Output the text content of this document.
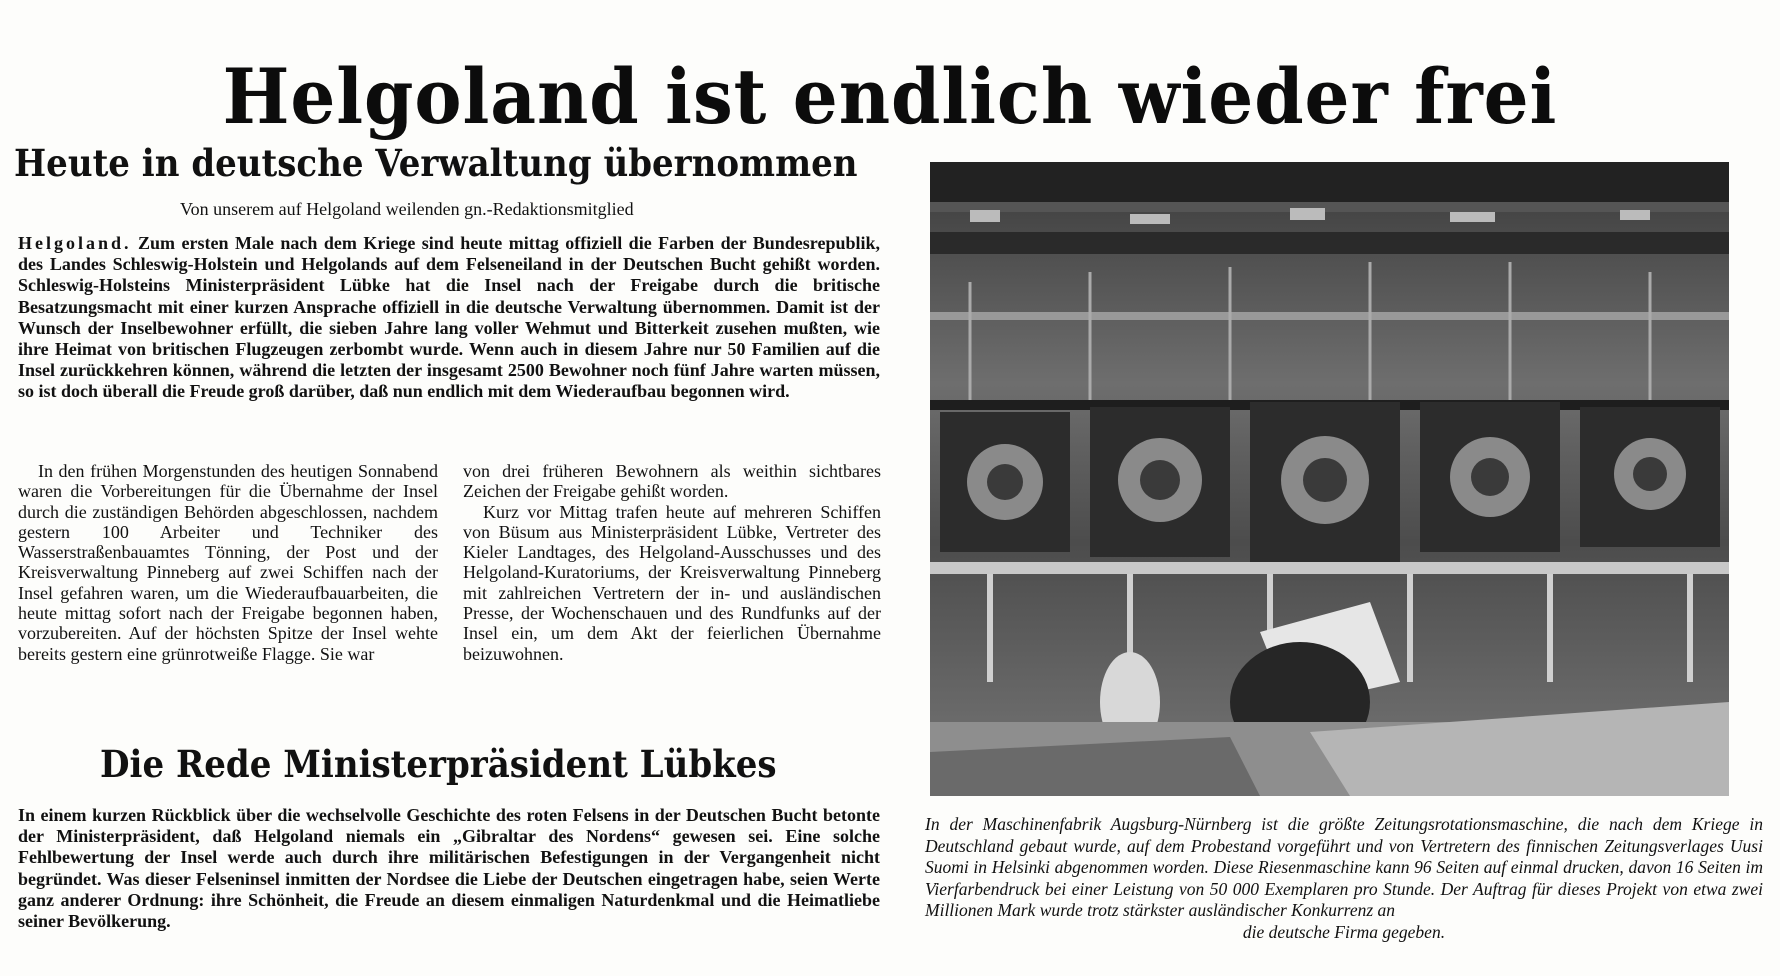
Helgoland ist endlich wieder frei
Heute in deutsche Verwaltung übernommen
Von unserem auf Helgoland weilenden gn.-Redaktionsmitglied
Helgoland. Zum ersten Male nach dem Kriege sind heute mittag offiziell die Farben der Bundesrepublik, des Landes Schleswig-Holstein und Helgolands auf dem Felseneiland in der Deutschen Bucht gehißt worden. Schleswig-Holsteins Ministerpräsident Lübke hat die Insel nach der Freigabe durch die britische Besatzungsmacht mit einer kurzen Ansprache offiziell in die deutsche Verwaltung übernommen. Damit ist der Wunsch der Inselbewohner erfüllt, die sieben Jahre lang voller Wehmut und Bitterkeit zusehen mußten, wie ihre Heimat von britischen Flugzeugen zerbombt wurde. Wenn auch in diesem Jahre nur 50 Familien auf die Insel zurückkehren können, während die letzten der insgesamt 2500 Bewohner noch fünf Jahre warten müssen, so ist doch überall die Freude groß darüber, daß nun endlich mit dem Wiederaufbau begonnen wird.

In den frühen Morgenstunden des heutigen Sonnabend waren die Vorbereitungen für die Übernahme der Insel durch die zuständigen Behörden abgeschlossen, nachdem gestern 100 Arbeiter und Techniker des Wasserstraßenbauamtes Tönning, der Post und der Kreisverwaltung Pinneberg auf zwei Schiffen nach der Insel gefahren waren, um die Wiederaufbauarbeiten, die heute mittag sofort nach der Freigabe begonnen haben, vorzubereiten. Auf der höchsten Spitze der Insel wehte bereits gestern eine grünrotweiße Flagge. Sie war

von drei früheren Bewohnern als weithin sichtbares Zeichen der Freigabe gehißt worden.

Kurz vor Mittag trafen heute auf mehreren Schiffen von Büsum aus Ministerpräsident Lübke, Vertreter des Kieler Landtages, des Helgoland-Ausschusses und des Helgoland-Kuratoriums, der Kreisverwaltung Pinneberg mit zahlreichen Vertretern der in- und ausländischen Presse, der Wochenschauen und des Rundfunks auf der Insel ein, um dem Akt der feierlichen Übernahme beizuwohnen.

Die Rede Ministerpräsident Lübkes
In einem kurzen Rückblick über die wechselvolle Geschichte des roten Felsens in der Deutschen Bucht betonte der Ministerpräsident, daß Helgoland niemals ein „Gibraltar des Nordens“ gewesen sei. Eine solche Fehlbewertung der Insel werde auch durch ihre militärischen Befestigungen in der Vergangenheit nicht begründet. Was dieser Felseninsel inmitten der Nordsee die Liebe der Deutschen eingetragen habe, seien Werte ganz anderer Ordnung: ihre Schönheit, die Freude an diesem einmaligen Naturdenkmal und die Heimatliebe seiner Bevölkerung.
In der Maschinenfabrik Augsburg-Nürnberg ist die größte Zeitungsrotationsmaschine, die nach dem Kriege in Deutschland gebaut wurde, auf dem Probestand vorgeführt und von Vertretern des finnischen Zeitungsverlages Uusi Suomi in Helsinki abgenommen worden. Diese Riesenmaschine kann 96 Seiten auf einmal drucken, davon 16 Seiten im Vierfarbendruck bei einer Leistung von 50 000 Exemplaren pro Stunde. Der Auftrag für dieses Projekt von etwa zwei Millionen Mark wurde trotz stärkster ausländischer Konkurrenz an
die deutsche Firma gegeben.
